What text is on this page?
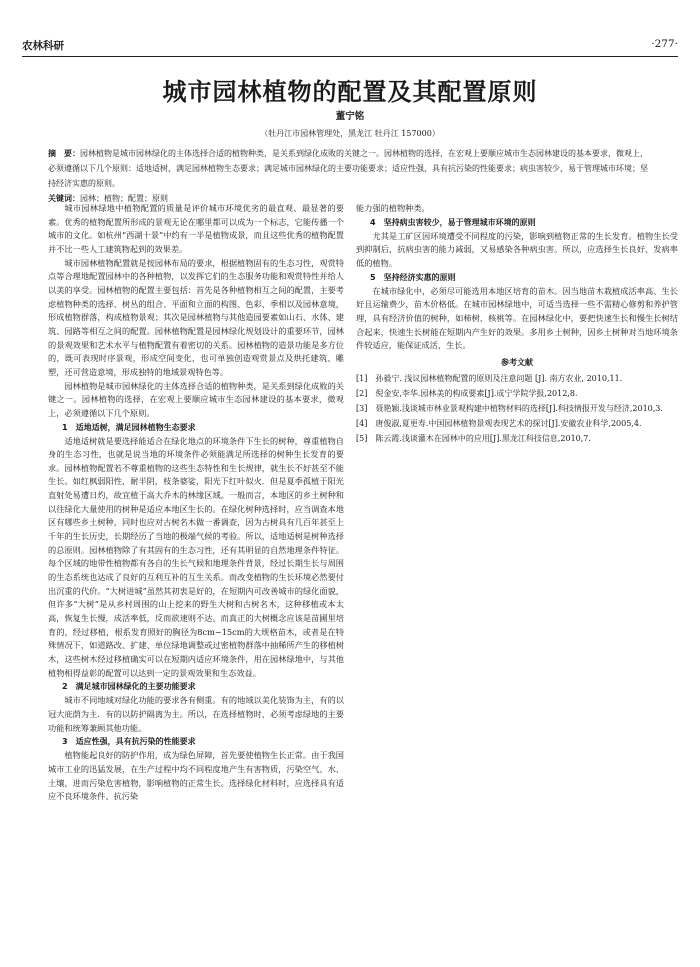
农林科研	·277·
城市园林植物的配置及其配置原则
董宁铭
（牡丹江市园林管理处，黑龙江 牡丹江 157000）
摘　要：园林植物是城市园林绿化的主体选择合适的植物种类，是关系到绿化成败的关键之一。园林植物的选择，在宏观上要顺应城市生态园林建设的基本要求，微观上，必须遵循以下几个原则：适地适树，满足园林植物生态要求；满足城市园林绿化的主要功能要求；适应性强，具有抗污染的性能要求；病虫害较少，易于管理城市环境；坚持经济实惠的原则。
关键词：园林；植物；配置；原则

城市园林绿地中植物配置的质量是评价城市环境优劣的最直观、最显著的要素。优秀的植物配置所形成的景观无论在哪里都可以成为一个标志，它能传播一个城市的文化。如杭州“西湖十景”中约有一半是植物成景，而且这些优秀的植物配置并不比一些人工建筑物起到的效果差。

城市园林植物配置就是按园林布局的要求，根据植物固有的生态习性，观赏特点等合理地配置园林中的各种植物，以发挥它们的生态服务功能和观赏特性并给人以美的享受。园林植物的配置主要包括：首先是各种植物相互之间的配置，主要考虑植物种类的选择、树丛的组合、平面和立面的构图、色彩、季相以及园林意境，形成植物群落，构成植物景观；其次是园林植物与其他造园要素如山石、水体、建筑、园路等相互之间的配置。园林植物配置是园林绿化规划设计的重要环节，园林的景观效果和艺术水平与植物配置有着密切的关系。园林植物的造景功能是多方位的，既可表现时序景观，形成空间变化，也可单独创造观赏景点及烘托建筑、雕塑，还可营造意境，形成独特的地域景观特色等。

园林植物是城市园林绿化的主体选择合适的植物种类，是关系到绿化成败的关键之一。园林植物的选择，在宏观上要顺应城市生态园林建设的基本要求，微观上，必须遵循以下几个原则。

1　适地适树，满足园林植物生态要求

适地适树就是要选择能适合在绿化地点的环境条件下生长的树种，尊重植物自身的生态习性，也就是说当地的环境条件必须能满足所选择的树种生长发育的要求。园林植物配置若不尊重植物的这些生态特性和生长规律，就生长不好甚至不能生长。如红枫弱阳性，耐半阴，枝条婆娑，阳光下红叶似火．但是夏季孤植于阳光直射处易遭日灼，故宜植于高大乔木的林缘区域。一般而言，本地区的乡土树种和以往绿化大量使用的树种是适应本地区生长的。在绿化树种选择时，应当调查本地区有哪些乡土树种，同时也应对古树名木做一番调查，因为古树具有几百年甚至上千年的生长历史，长期经历了当地的极端气候的考验。所以，适地适树是树种选择的总原则。园林植物除了有其固有的生态习性，还有其明显的自然地理条件特征。每个区域的地带性植物都有各自的生长气候和地理条件背景，经过长期生长与周围的生态系统也达成了良好的互利互补的互生关系。而改变植物的生长环境必然要付出沉重的代价。“大树进城”虽然其初衷是好的，在短期内可改善城市的绿化面貌，但许多“大树”是从乡村周围的山上挖来的野生大树和古树名木，这种移植或本太高，恢复生长慢，成活率低，反而欲速则不达。而真正的大树概念应该是苗圃里培育的，经过移植，根系发育照好的胸径为8cm~15cm的大规格苗木，或者是在特殊情况下，如道路改、扩建、单位绿地调整或过密植物群落中抽稀所产生的移植树木，这些树木经过移植确实可以在短期内适应环境条件，用在园林绿地中，与其他植物相得益彰的配置可以达到一定的景观效果和生态效益。

2　满足城市园林绿化的主要功能要求

城市不同地域对绿化功能的要求各有侧重。有的地域以美化装饰为主，有的以冠大庇荫为主．有的以防护隔离为主。所以，在选择植物时，必须考虑绿地的主要功能和统筹兼顾其他功能。

3　适应性强，具有抗污染的性能要求

植物能起良好的防护作用，成为绿色屏障，首先要使植物生长正常。由于我国城市工业的迅猛发展，在生产过程中均不同程度地产生有害物质，污染空气、水、土壤，进而污染危害植物，影响植物的正常生长。选择绿化材料时，应选择具有适应不良环境条件、抗污染

能力强的植物种类。

4　坚持病虫害较少，易于管理城市环境的原则

尤其是工矿区因环境遭受不同程度的污染，影响到植物正常的生长发育。植物生长受到抑制后，抗病虫害的能力减弱，又易感染各种病虫害。所以，应选择生长良好、发病率低的植物。

5　坚持经济实惠的原则

在城市绿化中，必须尽可能选用本地区培育的苗木。因当地苗木栽植成活率高、生长好且运输费少，苗木价格低。在城市园林绿地中，可适当选择一些不需精心修剪和养护管理，具有经济价值的树种，如柿树、核桃等。在园林绿化中，要把快速生长和慢生长树结合起来，快速生长树能在短期内产生好的效果。多用乡土树种，因乡土树种对当地环境条件较适应，能保证成活，生长。

参考文献

[1]　孙毅宁. 浅议园林植物配置的原则及注意问题 [J]. 南方农业, 2010,11.

[2]　倪金安,李华.园林美的构成要素[J].成宁学院学报,2012,8.

[3]　聂艳颖.浅谈城市林业景观构建中植物材料的选择[J].科技情报开发与经济,2010,3.

[4]　唐俊淑,夏更寿.中国园林植物景观表现艺术的探讨[J].安徽农业科学,2005,4.

[5]　陈云霞.浅谈灌木在园林中的应用[J].黑龙江科技信息,2010,7.
